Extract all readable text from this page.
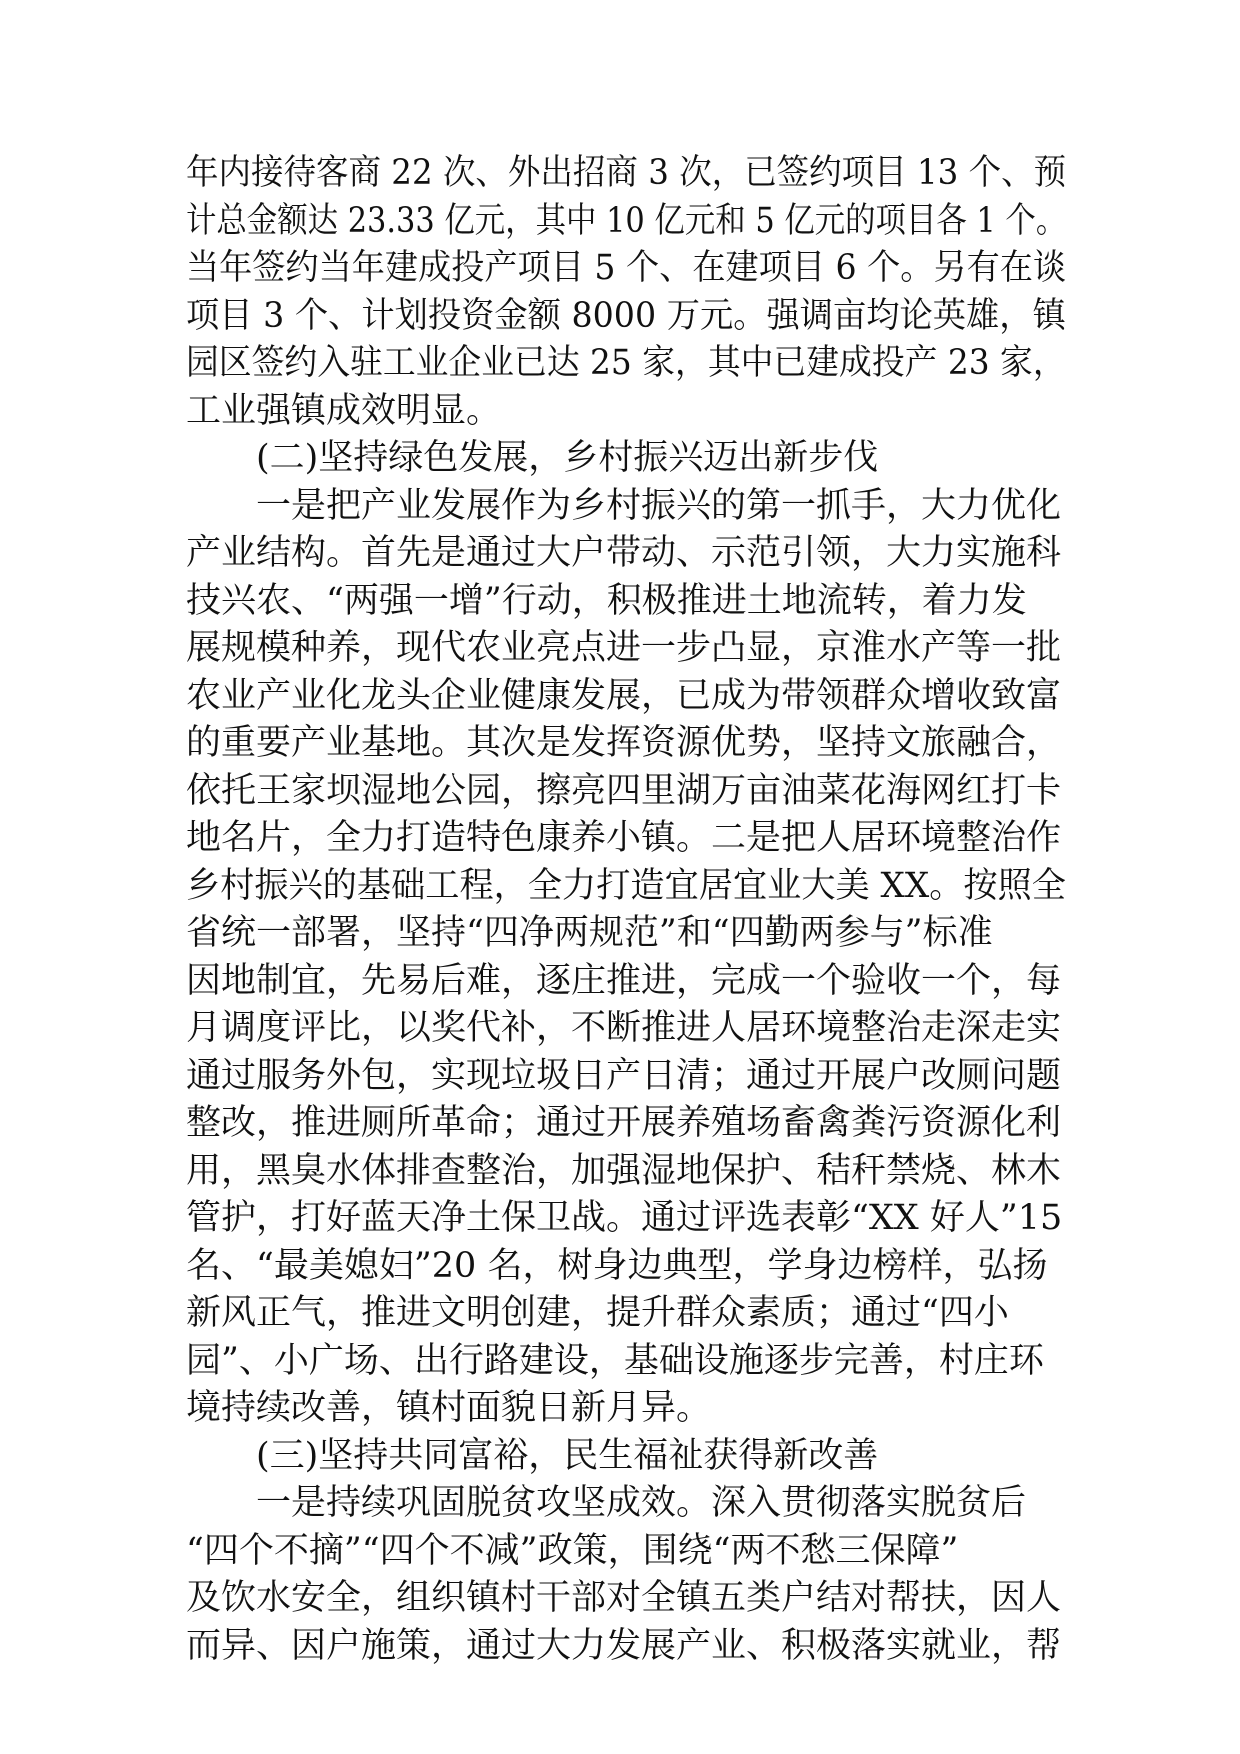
年内接待客商 22 次、外出招商 3 次，已签约项目 13 个、预
计总金额达 23.33 亿元，其中 10 亿元和 5 亿元的项目各 1 个。
当年签约当年建成投产项目 5 个、在建项目 6 个。另有在谈
项目 3 个、计划投资金额 8000 万元。强调亩均论英雄，镇
园区签约入驻工业企业已达 25 家，其中已建成投产 23 家，
工业强镇成效明显。
　　(二)坚持绿色发展，乡村振兴迈出新步伐
　　一是把产业发展作为乡村振兴的第一抓手，大力优化
产业结构。首先是通过大户带动、示范引领，大力实施科
技兴农、“两强一增”行动，积极推进土地流转，着力发
展规模种养，现代农业亮点进一步凸显，京淮水产等一批
农业产业化龙头企业健康发展，已成为带领群众增收致富
的重要产业基地。其次是发挥资源优势，坚持文旅融合，
依托王家坝湿地公园，擦亮四里湖万亩油菜花海网红打卡
地名片，全力打造特色康养小镇。二是把人居环境整治作
乡村振兴的基础工程，全力打造宜居宜业大美 XX。按照全
省统一部署，坚持“四净两规范”和“四勤两参与”标准
因地制宜，先易后难，逐庄推进，完成一个验收一个，每
月调度评比，以奖代补，不断推进人居环境整治走深走实
通过服务外包，实现垃圾日产日清；通过开展户改厕问题
整改，推进厕所革命；通过开展养殖场畜禽粪污资源化利
用，黑臭水体排查整治，加强湿地保护、秸秆禁烧、林木
管护，打好蓝天净土保卫战。通过评选表彰“XX 好人”15
名、“最美媳妇”20 名，树身边典型，学身边榜样，弘扬
新风正气，推进文明创建，提升群众素质；通过“四小
园”、小广场、出行路建设，基础设施逐步完善，村庄环
境持续改善，镇村面貌日新月异。
　　(三)坚持共同富裕，民生福祉获得新改善
　　一是持续巩固脱贫攻坚成效。深入贯彻落实脱贫后
“四个不摘”“四个不减”政策，围绕“两不愁三保障”
及饮水安全，组织镇村干部对全镇五类户结对帮扶，因人
而异、因户施策，通过大力发展产业、积极落实就业，帮
